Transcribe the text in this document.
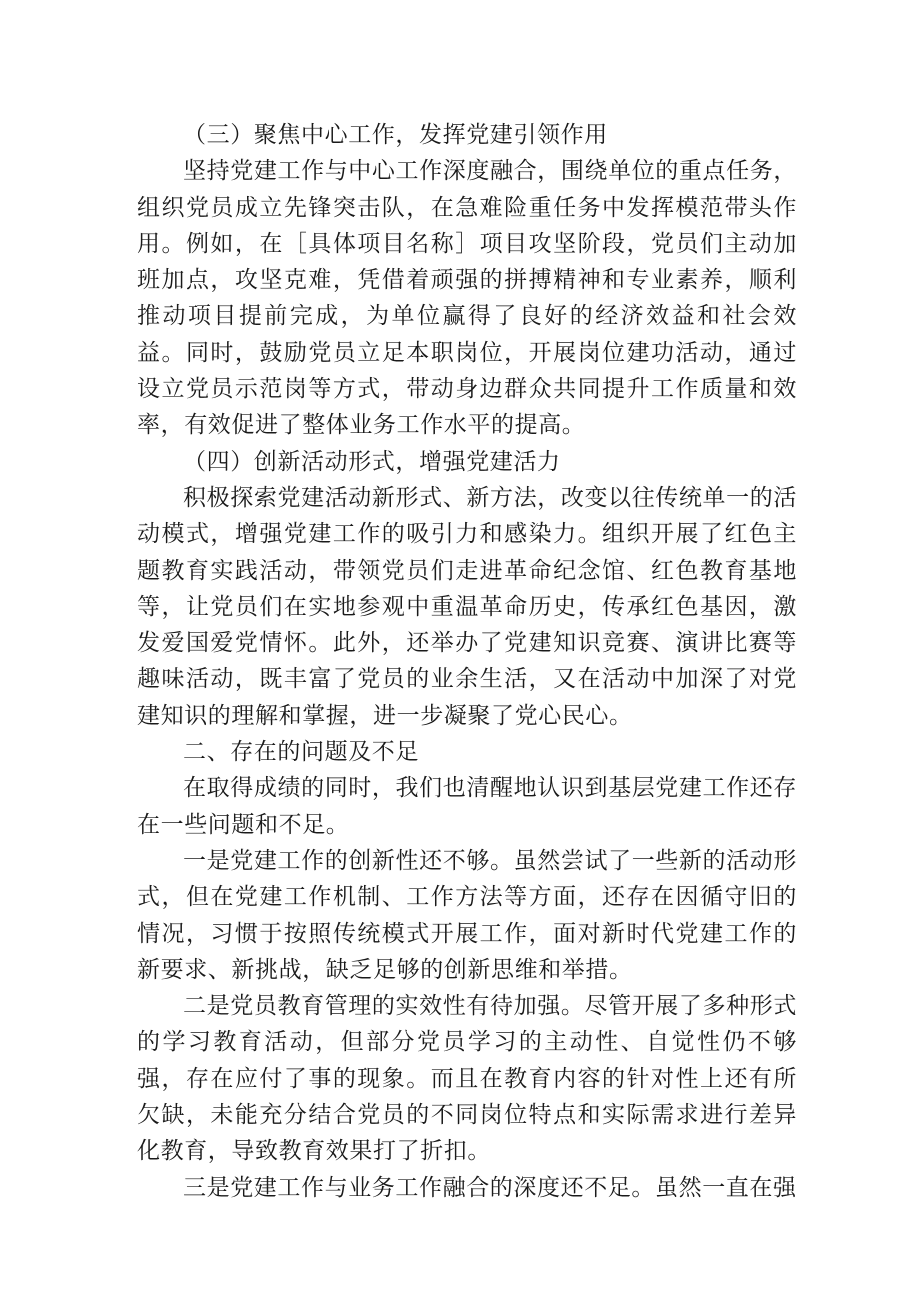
（三）聚焦中心工作，发挥党建引领作用

坚持党建工作与中心工作深度融合，围绕单位的重点任务，组织党员成立先锋突击队，在急难险重任务中发挥模范带头作用。例如，在［具体项目名称］项目攻坚阶段，党员们主动加班加点，攻坚克难，凭借着顽强的拼搏精神和专业素养，顺利推动项目提前完成，为单位赢得了良好的经济效益和社会效益。同时，鼓励党员立足本职岗位，开展岗位建功活动，通过设立党员示范岗等方式，带动身边群众共同提升工作质量和效率，有效促进了整体业务工作水平的提高。

（四）创新活动形式，增强党建活力

积极探索党建活动新形式、新方法，改变以往传统单一的活动模式，增强党建工作的吸引力和感染力。组织开展了红色主题教育实践活动，带领党员们走进革命纪念馆、红色教育基地等，让党员们在实地参观中重温革命历史，传承红色基因，激发爱国爱党情怀。此外，还举办了党建知识竞赛、演讲比赛等趣味活动，既丰富了党员的业余生活，又在活动中加深了对党建知识的理解和掌握，进一步凝聚了党心民心。

二、存在的问题及不足

在取得成绩的同时，我们也清醒地认识到基层党建工作还存在一些问题和不足。

一是党建工作的创新性还不够。虽然尝试了一些新的活动形式，但在党建工作机制、工作方法等方面，还存在因循守旧的情况，习惯于按照传统模式开展工作，面对新时代党建工作的新要求、新挑战，缺乏足够的创新思维和举措。

二是党员教育管理的实效性有待加强。尽管开展了多种形式的学习教育活动，但部分党员学习的主动性、自觉性仍不够强，存在应付了事的现象。而且在教育内容的针对性上还有所欠缺，未能充分结合党员的不同岗位特点和实际需求进行差异化教育，导致教育效果打了折扣。

三是党建工作与业务工作融合的深度还不足。虽然一直在强
